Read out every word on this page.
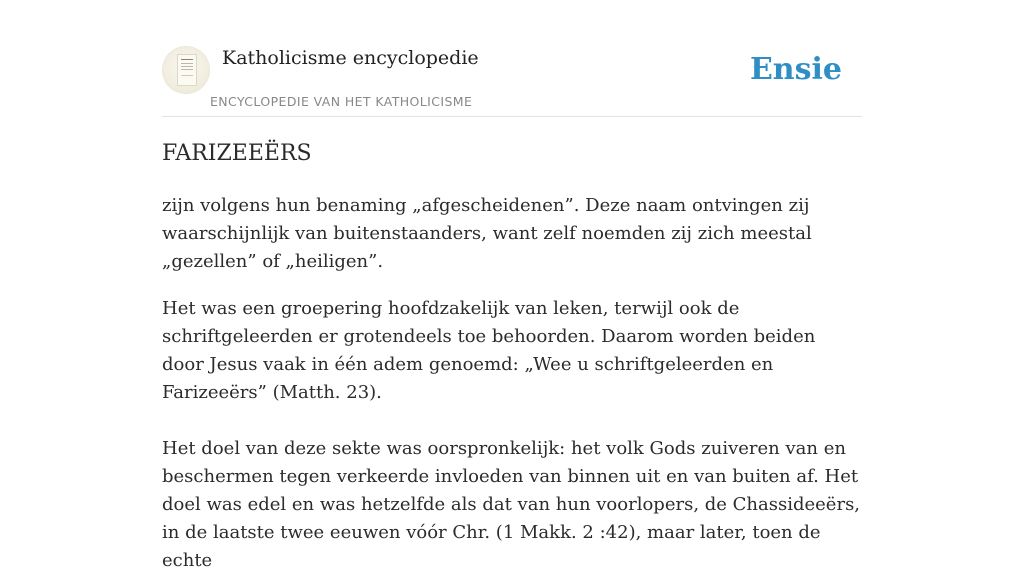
Katholicisme encyclopedie
ENCYCLOPEDIE VAN HET KATHOLICISME
Ensie
FARIZEEËRS

zijn volgens hun benaming „afgescheidenen”. Deze naam ontvingen zij waarschijnlijk van buitenstaanders, want zelf noemden zij zich meestal „gezellen” of „heiligen”.

Het was een groepering hoofdzakelijk van leken, terwijl ook de schriftgeleerden er grotendeels toe behoorden. Daarom worden beiden door Jesus vaak in één adem genoemd: „Wee u schriftgeleerden en Farizeeërs” (Matth. 23).

Het doel van deze sekte was oorspronkelijk: het volk Gods zuiveren van en beschermen tegen verkeerde invloeden van binnen uit en van buiten af. Het doel was edel en was hetzelfde als dat van hun voorlopers, de Chassideeërs, in de laatste twee eeuwen vóór Chr. (1 Makk. 2 :42), maar later, toen de echte
